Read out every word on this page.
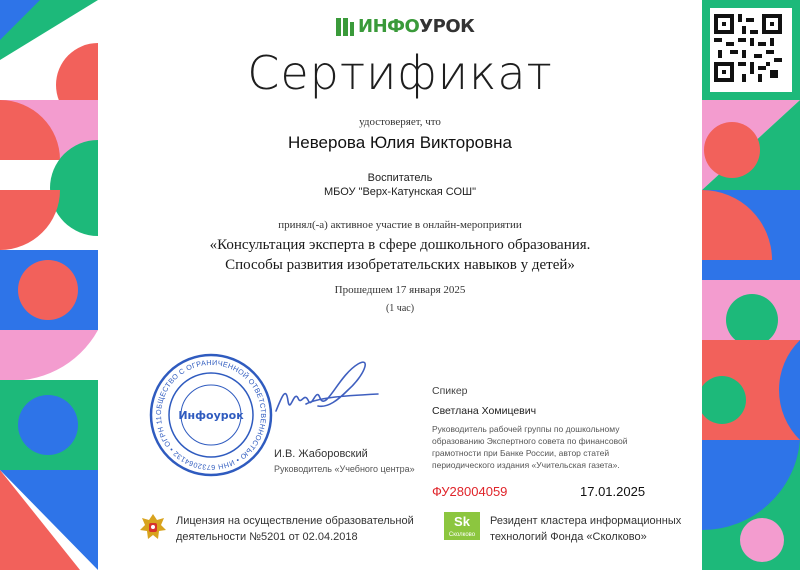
ИНФОУРОК
Сертификат
удостоверяет, что
Неверова Юлия Викторовна
Воспитатель
МБОУ "Верх-Катунская СОШ"
принял(-а) активное участие в онлайн-мероприятии
«Консультация эксперта в сфере дошкольного образования.
Способы развития изобретательских навыков у детей»
Прошедшем 17 января 2025
(1 час)
ОБЩЕСТВО С ОГРАНИЧЕННОЙ ОТВЕТСТВЕННОСТЬЮ • ИНН 6732064132 • ОГРН 11	Инфоурок
И.В. Жаборовский
Руководитель «Учебного центра»
Спикер
Светлана Хомицевич
Руководитель рабочей группы по дошкольному
образованию Экспертного совета по финансовой
грамотности при Банке России, автор статей
периодического издания «Учительская газета».
ФУ28004059	17.01.2025
Лицензия на осуществление образовательной
деятельности №5201 от 02.04.2018
Sk
Сколково
Резидент кластера информационных
технологий Фонда «Сколково»
